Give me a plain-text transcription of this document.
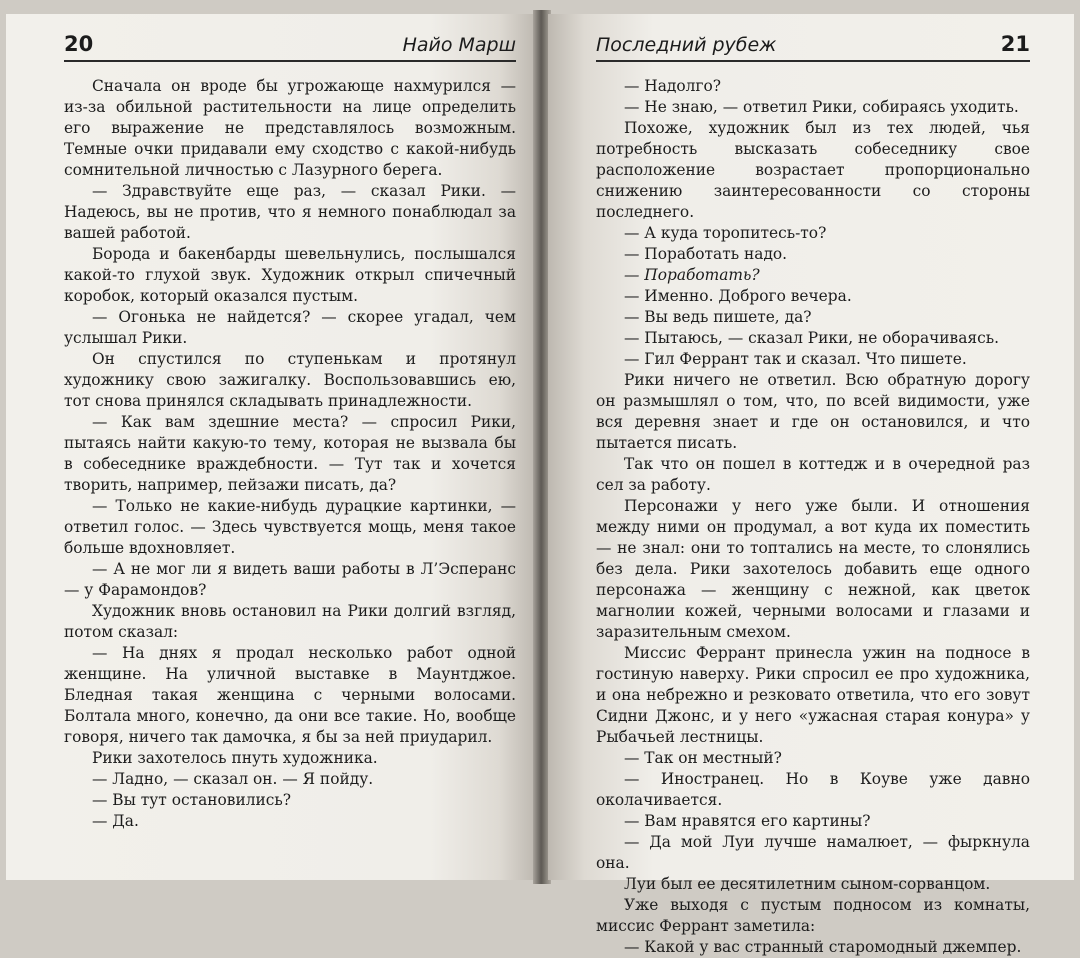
20	Найо Марш

Сначала он вроде бы угрожающе нахмурился — из-за обильной растительности на лице определить его выражение не представлялось возможным. Темные очки придавали ему сходство с какой-нибудь сомнительной личностью с Лазурного берега.

— Здравствуйте еще раз, — сказал Рики. — Надеюсь, вы не против, что я немного понаблюдал за вашей работой.

Борода и бакенбарды шевельнулись, послышался какой-то глухой звук. Художник открыл спичечный коробок, который оказался пустым.

— Огонька не найдется? — скорее угадал, чем услышал Рики.

Он спустился по ступенькам и протянул художнику свою зажигалку. Воспользовавшись ею, тот снова принялся складывать принадлежности.

— Как вам здешние места? — спросил Рики, пытаясь найти какую-то тему, которая не вызвала бы в собеседнике враждебности. — Тут так и хочется творить, например, пейзажи писать, да?

— Только не какие-нибудь дурацкие картинки, — ответил голос. — Здесь чувствуется мощь, меня такое больше вдохновляет.

— А не мог ли я видеть ваши работы в Л’Эсперанс — у Фарамондов?

Художник вновь остановил на Рики долгий взгляд, потом сказал:

— На днях я продал несколько работ одной женщине. На уличной выставке в Маунтджое. Бледная такая женщина с черными волосами. Болтала много, конечно, да они все такие. Но, вообще говоря, ничего так дамочка, я бы за ней приударил.

Рики захотелось пнуть художника.

— Ладно, — сказал он. — Я пойду.

— Вы тут остановились?

— Да.

Последний рубеж	21

— Надолго?

— Не знаю, — ответил Рики, собираясь уходить.

Похоже, художник был из тех людей, чья потребность высказать собеседнику свое расположение возрастает пропорционально снижению заинтересованности со стороны последнего.

— А куда торопитесь-то?

— Поработать надо.

— Поработать?

— Именно. Доброго вечера.

— Вы ведь пишете, да?

— Пытаюсь, — сказал Рики, не оборачиваясь.

— Гил Феррант так и сказал. Что пишете.

Рики ничего не ответил. Всю обратную дорогу он размышлял о том, что, по всей видимости, уже вся деревня знает и где он остановился, и что пытается писать.

Так что он пошел в коттедж и в очередной раз сел за работу.

Персонажи у него уже были. И отношения между ними он продумал, а вот куда их поместить — не знал: они то топтались на месте, то слонялись без дела. Рики захотелось добавить еще одного персонажа — женщину с нежной, как цветок магнолии кожей, черными волосами и глазами и заразительным смехом.

Миссис Феррант принесла ужин на подносе в гостиную наверху. Рики спросил ее про художника, и она небрежно и резковато ответила, что его зовут Сидни Джонс, и у него «ужасная старая конура» у Рыбачьей лестницы.

— Так он местный?

— Иностранец. Но в Коуве уже давно околачивается.

— Вам нравятся его картины?

— Да мой Луи лучше намалюет, — фыркнула она.

Луи был ее десятилетним сыном-сорванцом.

Уже выходя с пустым подносом из комнаты, миссис Феррант заметила:

— Какой у вас странный старомодный джемпер.
